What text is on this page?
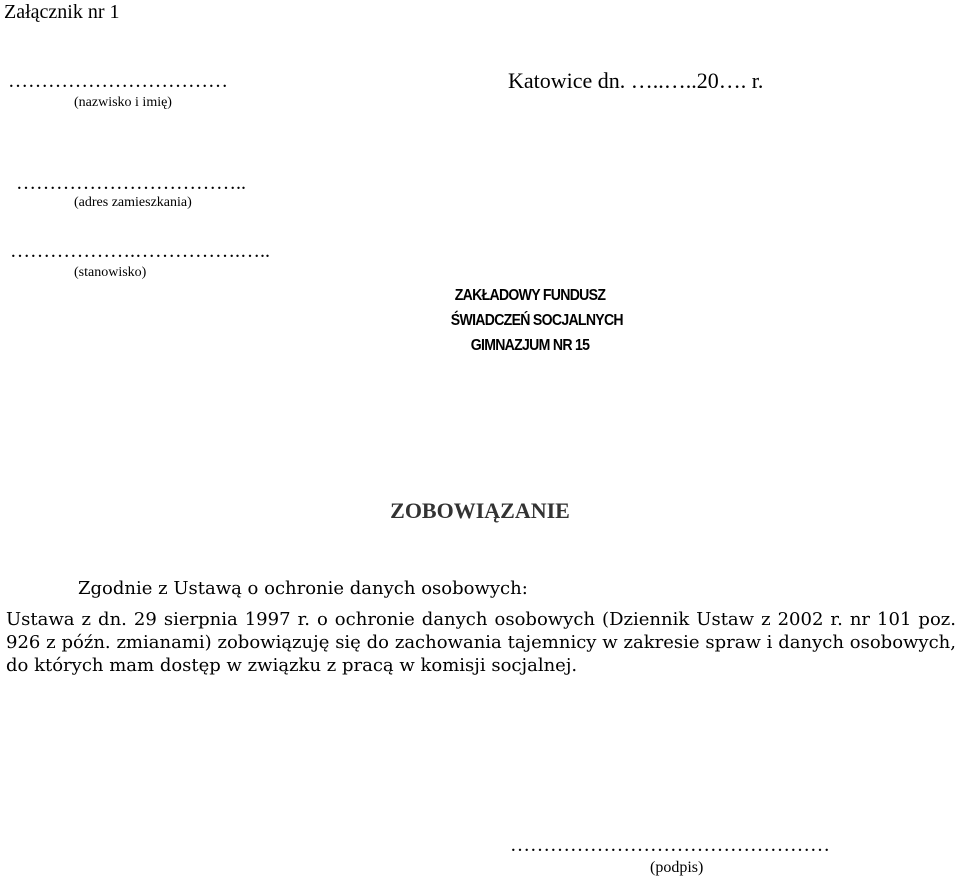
Załącznik nr 1
……………………………
(nazwisko i imię)
Katowice dn. …..…..20…. r.
……………………………..
(adres zamieszkania)
……………….…………….…..
(stanowisko)
ZAKŁADOWY FUNDUSZ
ŚWIADCZEŃ SOCJALNYCH
GIMNAZJUM NR 15
ZOBOWIĄZANIE
Zgodnie z Ustawą o ochronie danych osobowych:
Ustawa z dn. 29 sierpnia 1997 r. o ochronie danych osobowych (Dziennik Ustaw z 2002 r. nr 101 poz. 926 z późn. zmianami) zobowiązuję się do zachowania tajemnicy w zakresie spraw i danych osobowych, do których mam dostęp w związku z pracą w komisji socjalnej.
…………………………………………
(podpis)
